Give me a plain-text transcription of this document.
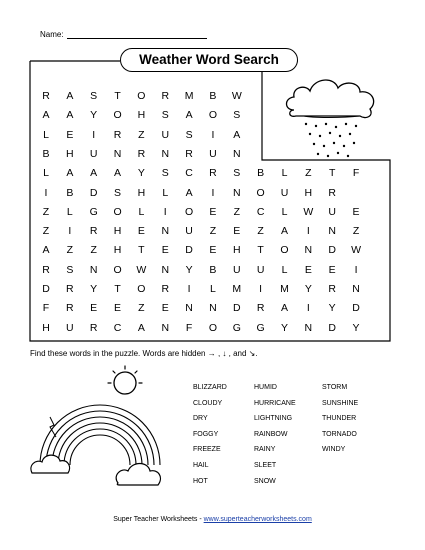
Name:
Weather Word Search
R	A	S	T	O	R	M	B	W
A	A	Y	O	H	S	A	O	S
L	E	I	R	Z	U	S	I	A
B	H	U	N	R	N	R	U	N
L	A	A	A	Y	S	C	R	S	B	L	Z	T	F
I	B	D	S	H	L	A	I	N	O	U	H	R
Z	L	G	O	L	I	O	E	Z	C	L	W	U	E
Z	I	R	H	E	N	U	Z	E	Z	A	I	N	Z
A	Z	Z	H	T	E	D	E	H	T	O	N	D	W
R	S	N	O	W	N	Y	B	U	U	L	E	E	I
D	R	Y	T	O	R	I	L	M	I	M	Y	R	N
F	R	E	E	Z	E	N	N	D	R	A	I	Y	D
H	U	R	C	A	N	F	O	G	G	Y	N	D	Y
Find these words in the puzzle. Words are hidden → , ↓ , and ↘.
BLIZZARD
CLOUDY
DRY
FOGGY
FREEZE
HAIL
HOT
HUMID
HURRICANE
LIGHTNING
RAINBOW
RAINY
SLEET
SNOW
STORM
SUNSHINE
THUNDER
TORNADO
WINDY
Super Teacher Worksheets - www.superteacherworksheets.com
